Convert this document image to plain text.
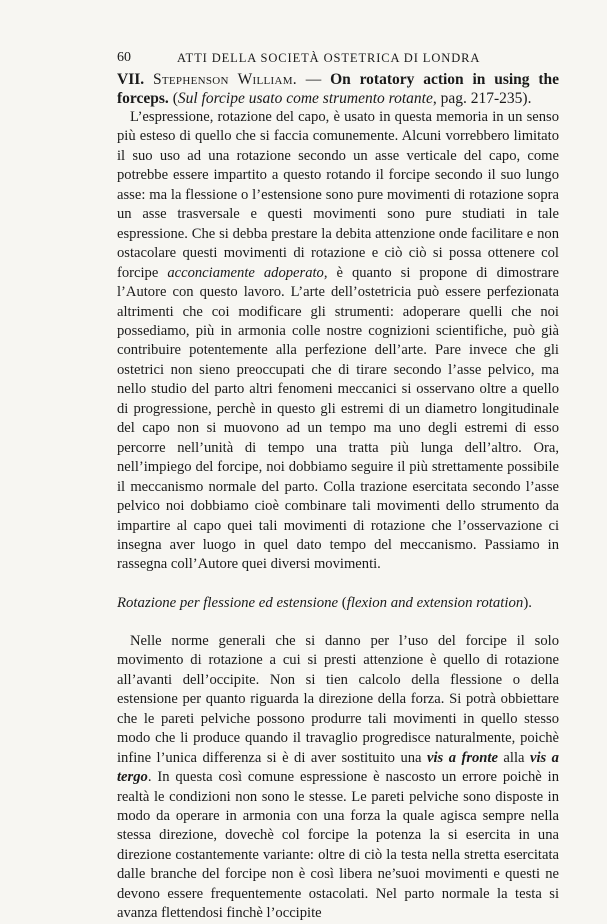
60	ATTI DELLA SOCIETÀ OSTETRICA DI LONDRA

VII. Stephenson William. — On rotatory action in using the forceps. (Sul forcipe usato come strumento rotante, pag. 217-235).

L’espressione, rotazione del capo, è usato in questa memoria in un senso più esteso di quello che si faccia comunemente. Alcuni vorrebbero limitato il suo uso ad una rotazione secondo un asse verticale del capo, come potrebbe essere impartito a questo rotando il forcipe secondo il suo lungo asse: ma la flessione o l’estensione sono pure movimenti di rotazione sopra un asse trasversale e questi movimenti sono pure studiati in tale espressione. Che si debba prestare la debita attenzione onde facilitare e non ostacolare questi movimenti di rotazione e ciò ciò si possa ottenere col forcipe acconciamente adoperato, è quanto si propone di dimostrare l’Autore con questo lavoro. L’arte dell’ostetricia può essere perfezionata altrimenti che coi modificare gli strumenti: adoperare quelli che noi possediamo, più in armonia colle nostre cognizioni scientifiche, può già contribuire potentemente alla perfezione dell’arte. Pare invece che gli ostetrici non sieno preoccupati che di tirare secondo l’asse pelvico, ma nello studio del parto altri fenomeni meccanici si osservano oltre a quello di progressione, perchè in questo gli estremi di un diametro longitudinale del capo non si muovono ad un tempo ma uno degli estremi di esso percorre nell’unità di tempo una tratta più lunga dell’altro. Ora, nell’impiego del forcipe, noi dobbiamo seguire il più strettamente possibile il meccanismo normale del parto. Colla trazione esercitata secondo l’asse pelvico noi dobbiamo cioè combinare tali movimenti dello strumento da impartire al capo quei tali movimenti di rotazione che l’osservazione ci insegna aver luogo in quel dato tempo del meccanismo. Passiamo in rassegna coll’Autore quei diversi movimenti.

Rotazione per flessione ed estensione (flexion and extension rotation).

Nelle norme generali che si danno per l’uso del forcipe il solo movimento di rotazione a cui si presti attenzione è quello di rotazione all’avanti dell’occipite. Non si tien calcolo della flessione o della estensione per quanto riguarda la direzione della forza. Si potrà obbiettare che le pareti pelviche possono produrre tali movimenti in quello stesso modo che li produce quando il travaglio progredisce naturalmente, poichè infine l’unica differenza si è di aver sostituito una vis a fronte alla vis a tergo. In questa così comune espressione è nascosto un errore poichè in realtà le condizioni non sono le stesse. Le pareti pelviche sono disposte in modo da operare in armonia con una forza la quale agisca sempre nella stessa direzione, dovechè col forcipe la potenza la si esercita in una direzione costantemente variante: oltre di ciò la testa nella stretta esercitata dalle branche del forcipe non è così libera ne’suoi movimenti e questi ne devono essere frequentemente ostacolati. Nel parto normale la testa si avanza flettendosi finchè l’occipite
